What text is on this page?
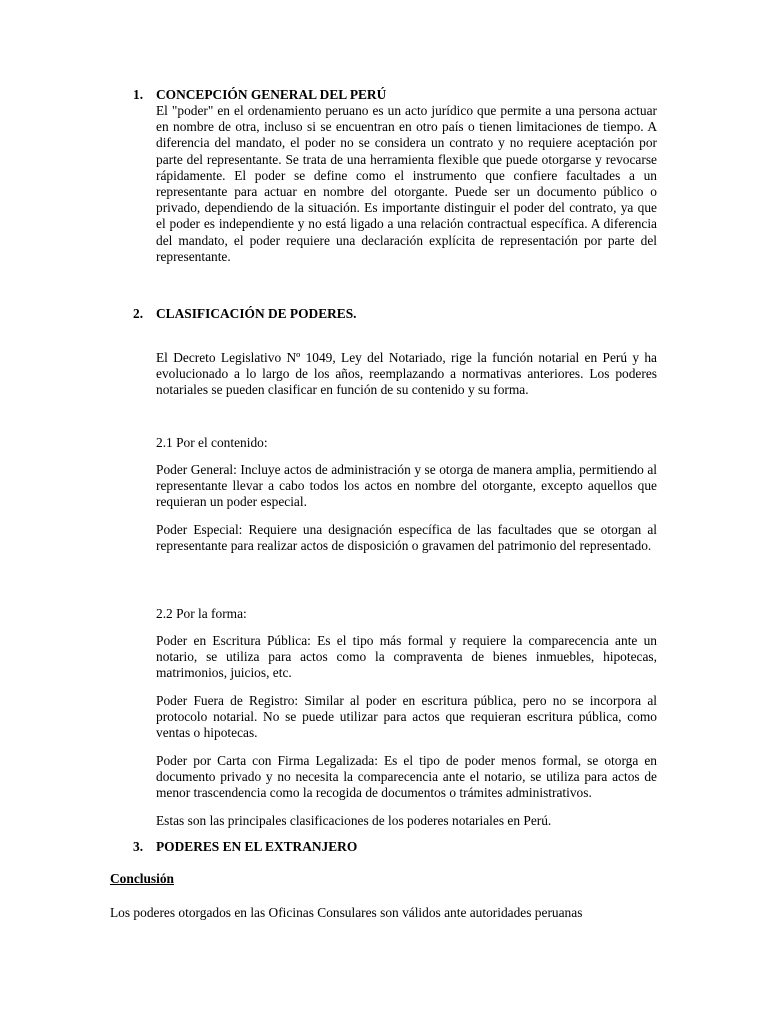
1. CONCEPCIÓN GENERAL DEL PERÚ

El "poder" en el ordenamiento peruano es un acto jurídico que permite a una persona actuar en nombre de otra, incluso si se encuentran en otro país o tienen limitaciones de tiempo. A diferencia del mandato, el poder no se considera un contrato y no requiere aceptación por parte del representante. Se trata de una herramienta flexible que puede otorgarse y revocarse rápidamente. El poder se define como el instrumento que confiere facultades a un representante para actuar en nombre del otorgante. Puede ser un documento público o privado, dependiendo de la situación. Es importante distinguir el poder del contrato, ya que el poder es independiente y no está ligado a una relación contractual específica. A diferencia del mandato, el poder requiere una declaración explícita de representación por parte del representante.

2. CLASIFICACIÓN DE PODERES.

El Decreto Legislativo Nº 1049, Ley del Notariado, rige la función notarial en Perú y ha evolucionado a lo largo de los años, reemplazando a normativas anteriores. Los poderes notariales se pueden clasificar en función de su contenido y su forma.

2.1 Por el contenido:

Poder General: Incluye actos de administración y se otorga de manera amplia, permitiendo al representante llevar a cabo todos los actos en nombre del otorgante, excepto aquellos que requieran un poder especial.

Poder Especial: Requiere una designación específica de las facultades que se otorgan al representante para realizar actos de disposición o gravamen del patrimonio del representado.

2.2 Por la forma:

Poder en Escritura Pública: Es el tipo más formal y requiere la comparecencia ante un notario, se utiliza para actos como la compraventa de bienes inmuebles, hipotecas, matrimonios, juicios, etc.

Poder Fuera de Registro: Similar al poder en escritura pública, pero no se incorpora al protocolo notarial. No se puede utilizar para actos que requieran escritura pública, como ventas o hipotecas.

Poder por Carta con Firma Legalizada: Es el tipo de poder menos formal, se otorga en documento privado y no necesita la comparecencia ante el notario, se utiliza para actos de menor trascendencia como la recogida de documentos o trámites administrativos.

Estas son las principales clasificaciones de los poderes notariales en Perú.

3. PODERES EN EL EXTRANJERO
Conclusión
Los poderes otorgados en las Oficinas Consulares son válidos ante autoridades peruanas
